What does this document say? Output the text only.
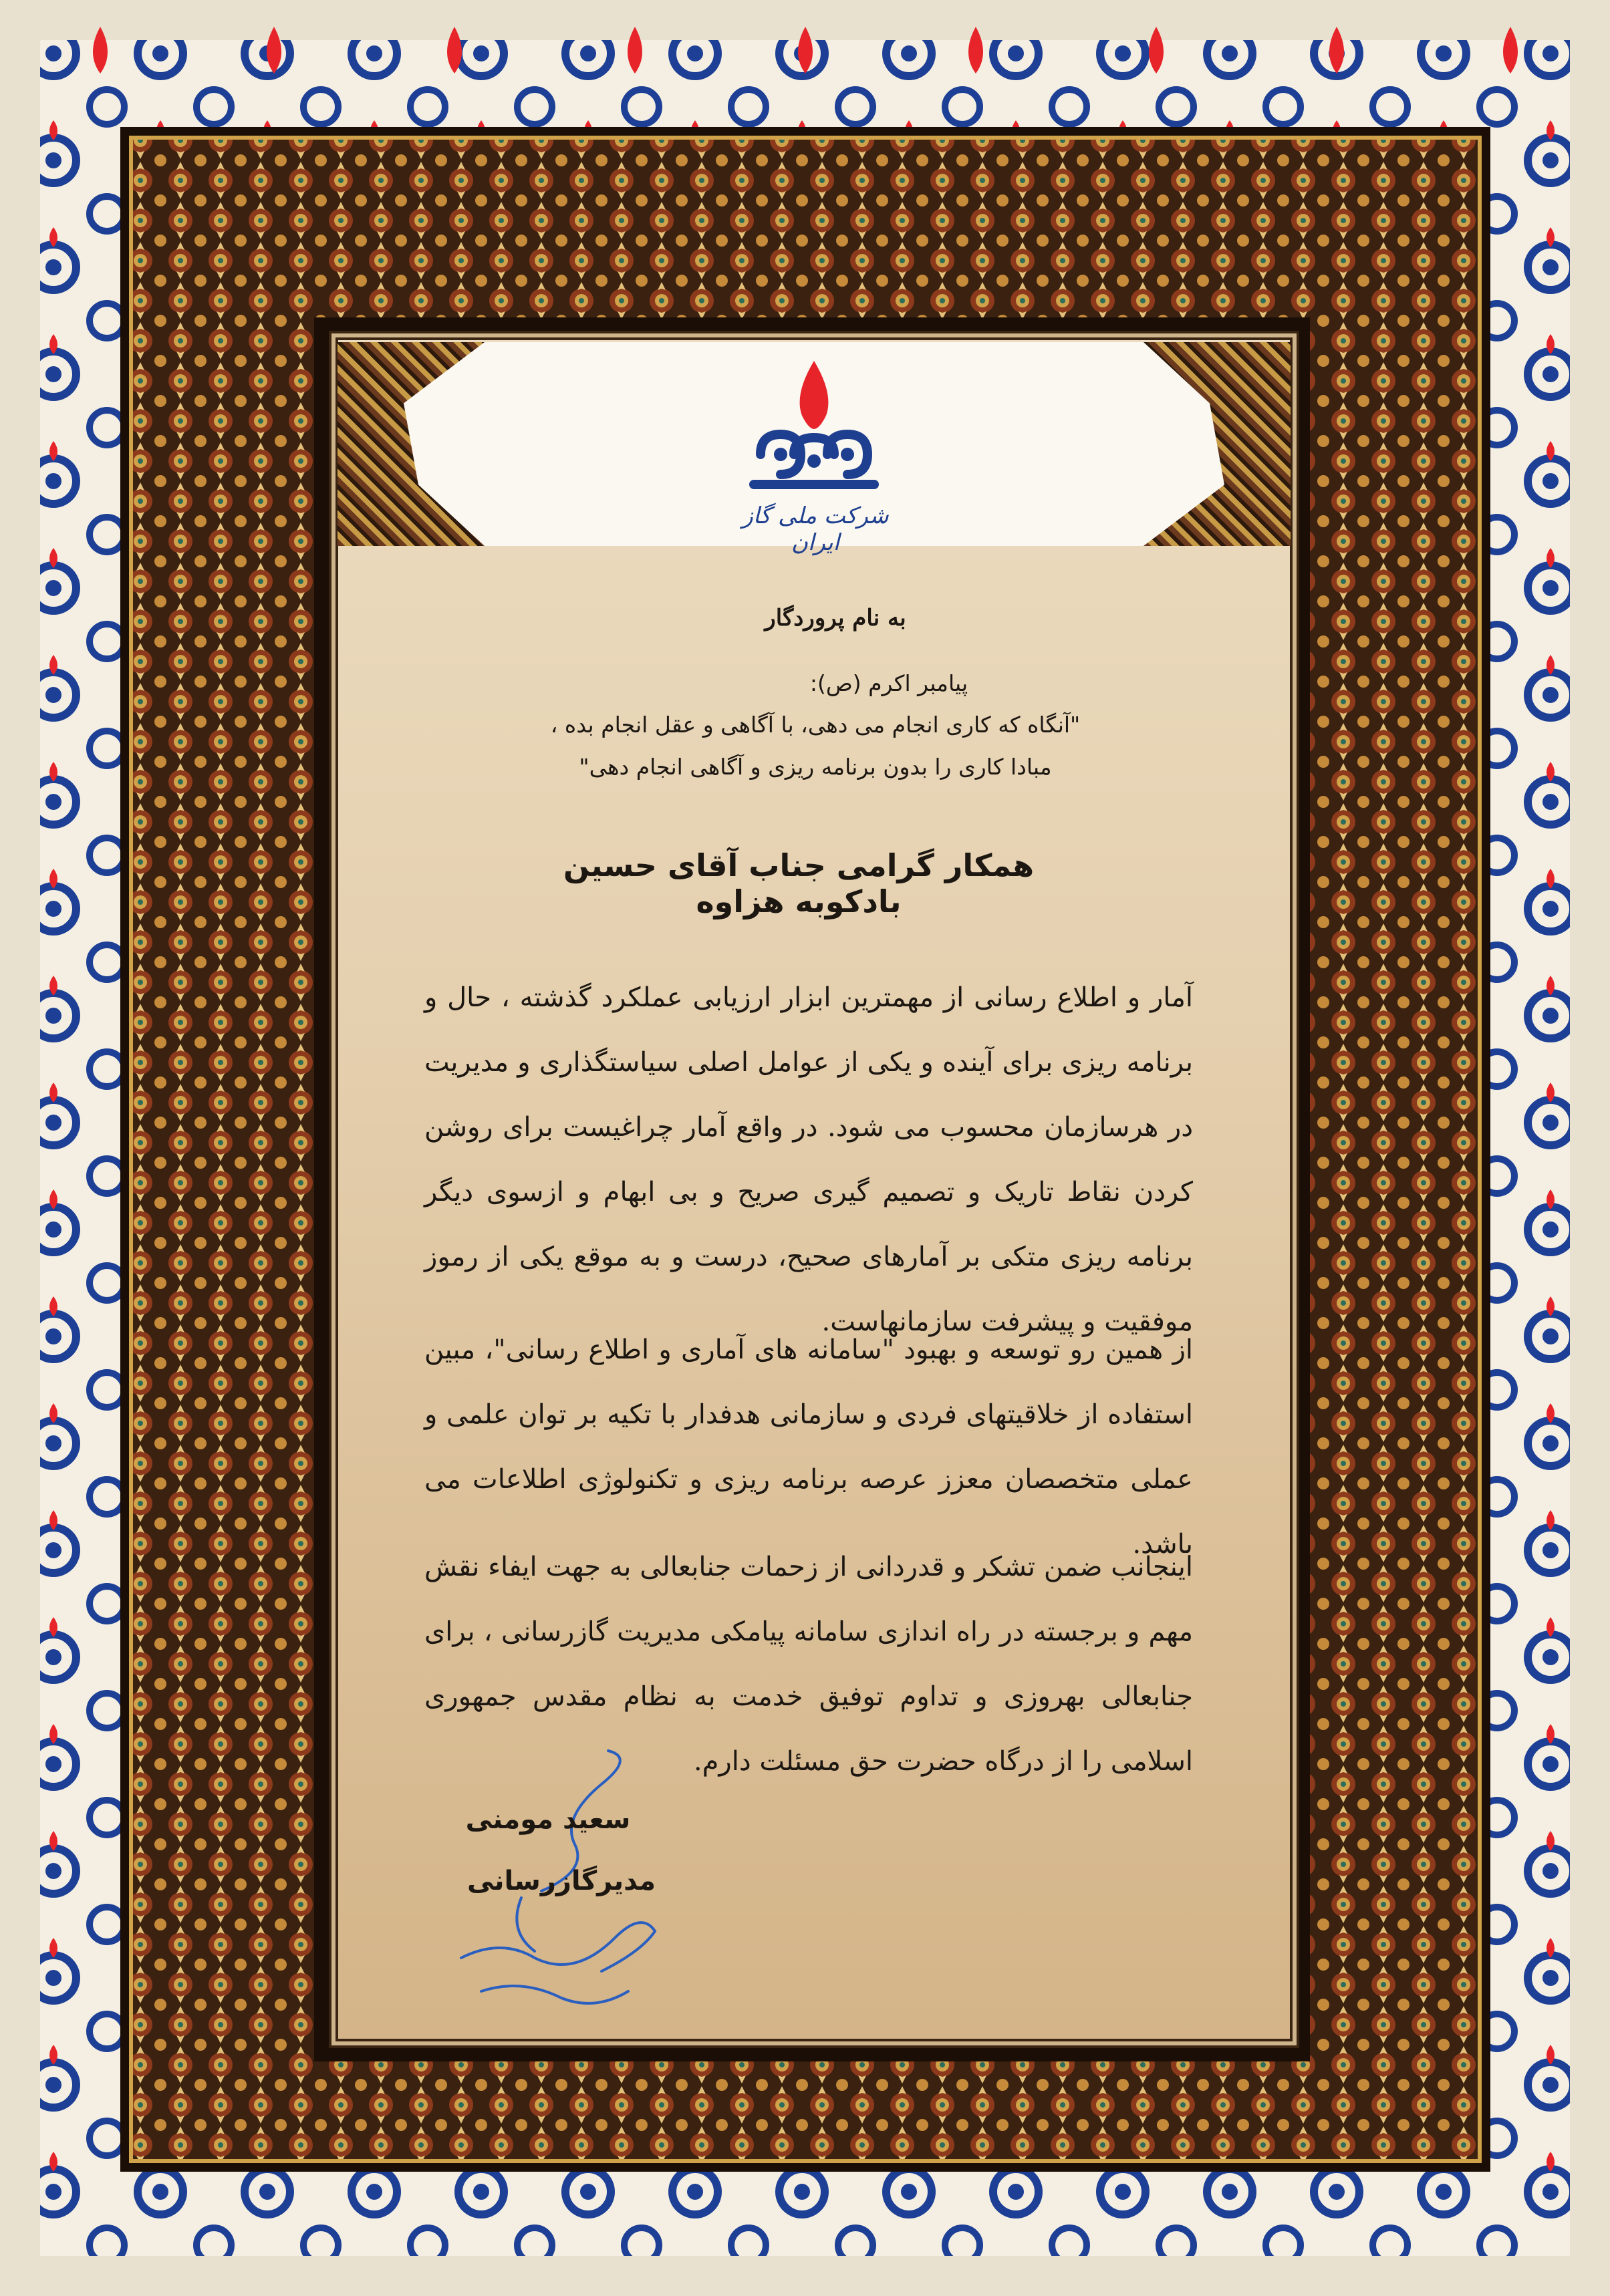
شرکت ملی گاز ایران
به نام پروردگار
پیامبر اکرم (ص):
"آنگاه که کاری انجام می دهی، با آگاهی و عقل انجام بده ،
مبادا کاری را بدون برنامه ریزی و آگاهی انجام دهی"
همکار گرامی جناب آقای حسین بادکوبه هزاوه
آمار و اطلاع رسانی از مهمترین ابزار ارزیابی عملکرد گذشته ، حال و برنامه ریزی برای آینده و یکی از عوامل اصلی سیاستگذاری و مدیریت در هرسازمان محسوب می شود. در واقع آمار چراغیست برای روشن کردن نقاط تاریک و تصمیم گیری صریح و بی ابهام و ازسوی دیگر برنامه ریزی متکی بر آمارهای صحیح، درست و به موقع یکی از رموز موفقیت و پیشرفت سازمانهاست.
از همین رو توسعه و بهبود "سامانه های آماری و اطلاع رسانی"، مبین استفاده از خلاقیتهای فردی و سازمانی هدفدار با تکیه بر توان علمی و عملی متخصصان معزز عرصه برنامه ریزی و تکنولوژی اطلاعات می باشد.
اینجانب ضمن تشکر و قدردانی از زحمات جنابعالی به جهت ایفاء نقش مهم و برجسته در راه اندازی سامانه پیامکی مدیریت گازرسانی ، برای جنابعالی بهروزی و تداوم توفیق خدمت به نظام مقدس جمهوری اسلامی را از درگاه حضرت حق مسئلت دارم.
سعید مومنی
مدیرگازرسانی
